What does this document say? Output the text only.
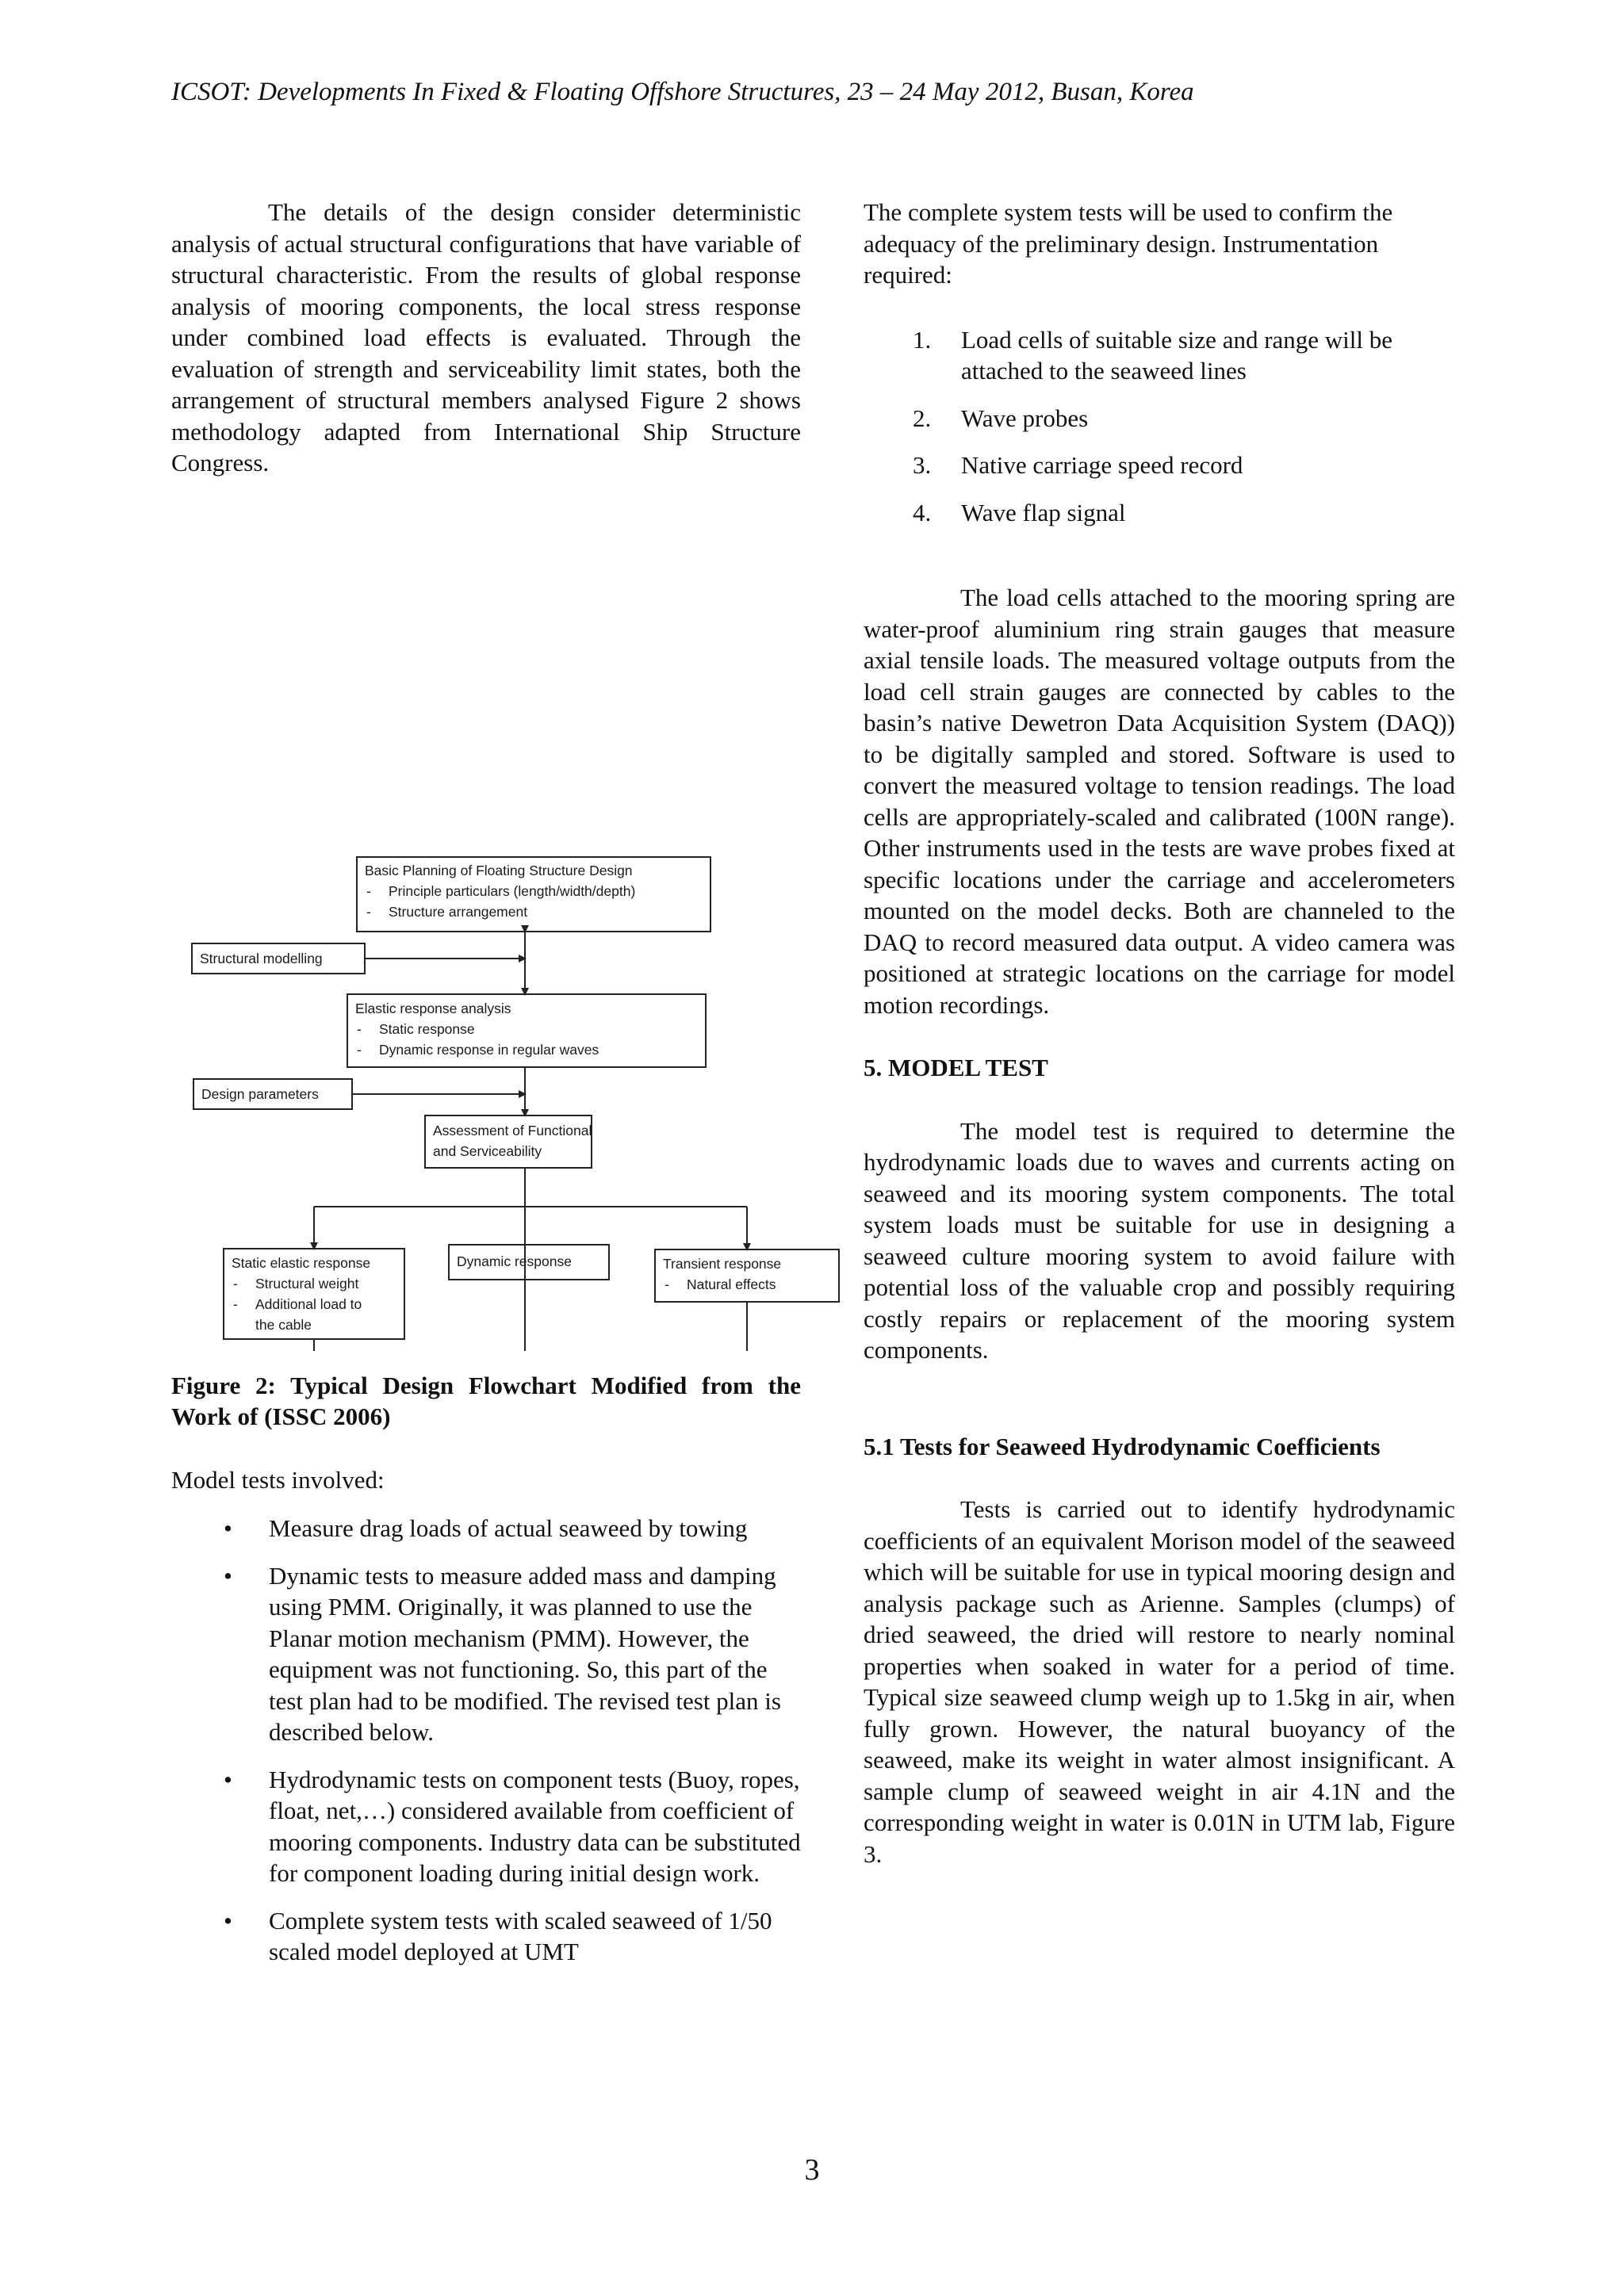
ICSOT: Developments In Fixed & Floating Offshore Structures, 23 – 24 May 2012, Busan, Korea

The details of the design consider deterministic analysis of actual structural configurations that have variable of structural characteristic. From the results of global response analysis of mooring components, the local stress response under combined load effects is evaluated. Through the evaluation of strength and serviceability limit states, both the arrangement of structural members analysed Figure 2 shows methodology adapted from International Ship Structure Congress.

Basic Planning of Floating Structure Design
- Principle particulars (length/width/depth)
- Structure arrangement
Structural modelling
Elastic response analysis
- Static response
- Dynamic response in regular waves
Design parameters
Assessment of Functional
and Serviceability
Static elastic response
- Structural weight
- Additional load to
the cable
Dynamic response	Transient response
- Natural effects

Figure 2: Typical Design Flowchart Modified from the Work of (ISSC 2006)

Model tests involved:

• Measure drag loads of actual seaweed by towing
• Dynamic tests to measure added mass and damping using PMM. Originally, it was planned to use the Planar motion mechanism (PMM). However, the equipment was not functioning. So, this part of the test plan had to be modified. The revised test plan is described below.
• Hydrodynamic tests on component tests (Buoy, ropes, float, net,…) considered available from coefficient of mooring components. Industry data can be substituted for component loading during initial design work.
• Complete system tests with scaled seaweed of 1/50 scaled model deployed at UMT

The complete system tests will be used to confirm the adequacy of the preliminary design. Instrumentation required:

1. Load cells of suitable size and range will be attached to the seaweed lines
2. Wave probes
3. Native carriage speed record
4. Wave flap signal

The load cells attached to the mooring spring are water-proof aluminium ring strain gauges that measure axial tensile loads. The measured voltage outputs from the load cell strain gauges are connected by cables to the basin’s native Dewetron Data Acquisition System (DAQ)) to be digitally sampled and stored. Software is used to convert the measured voltage to tension readings. The load cells are appropriately-scaled and calibrated (100N range). Other instruments used in the tests are wave probes fixed at specific locations under the carriage and accelerometers mounted on the model decks. Both are channeled to the DAQ to record measured data output. A video camera was positioned at strategic locations on the carriage for model motion recordings.

5. MODEL TEST

The model test is required to determine the hydrodynamic loads due to waves and currents acting on seaweed and its mooring system components. The total system loads must be suitable for use in designing a seaweed culture mooring system to avoid failure with potential loss of the valuable crop and possibly requiring costly repairs or replacement of the mooring system components.

5.1 Tests for Seaweed Hydrodynamic Coefficients

Tests is carried out to identify hydrodynamic coefficients of an equivalent Morison model of the seaweed which will be suitable for use in typical mooring design and analysis package such as Arienne. Samples (clumps) of dried seaweed, the dried will restore to nearly nominal properties when soaked in water for a period of time. Typical size seaweed clump weigh up to 1.5kg in air, when fully grown. However, the natural buoyancy of the seaweed, make its weight in water almost insignificant. A sample clump of seaweed weight in air 4.1N and the corresponding weight in water is 0.01N in UTM lab, Figure 3.

3
